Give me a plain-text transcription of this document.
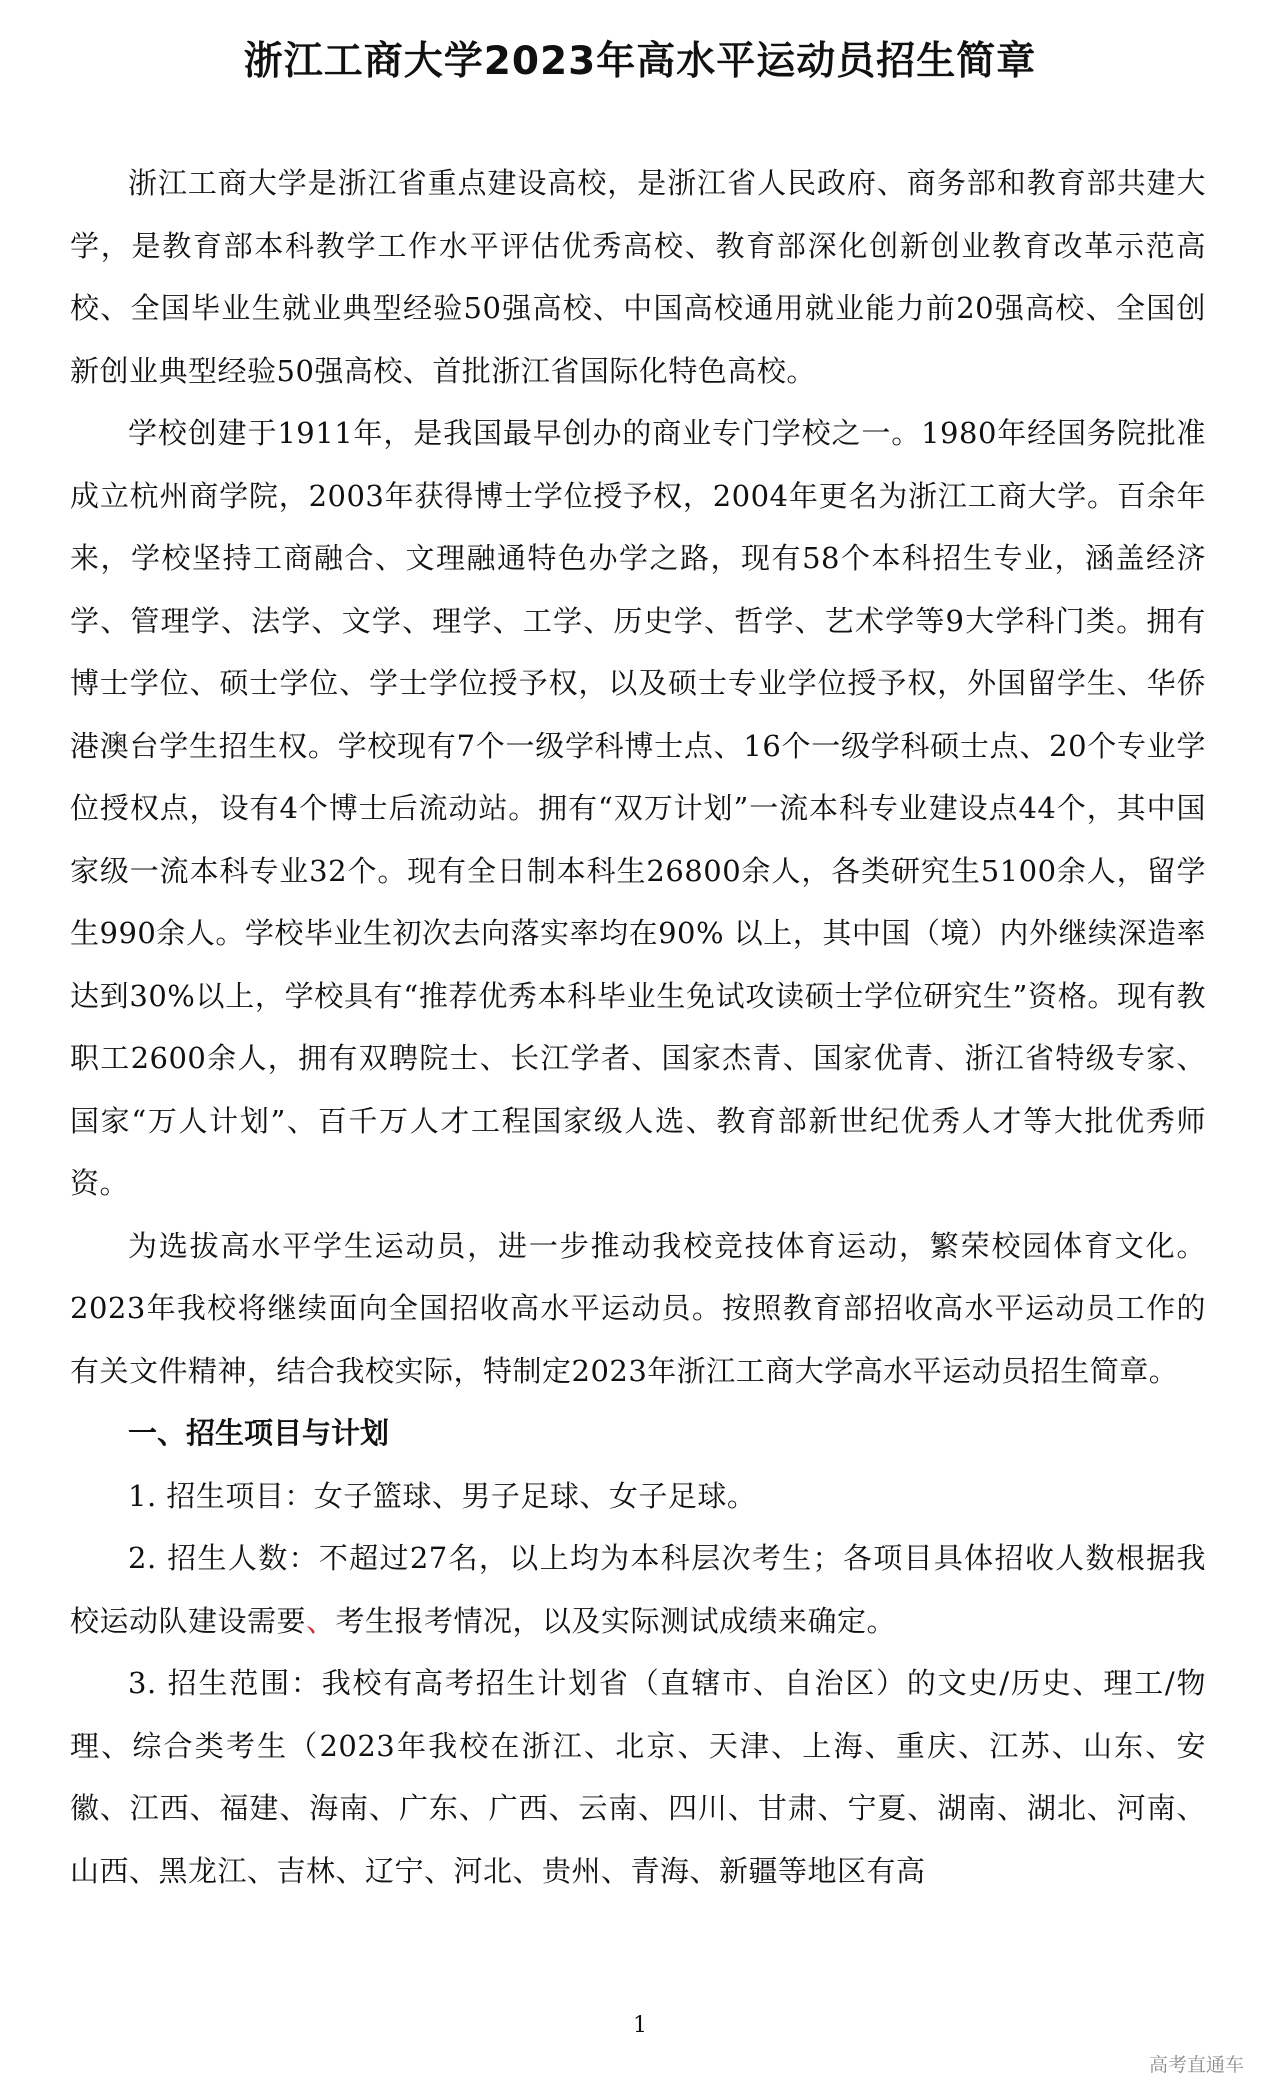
浙江工商大学2023年高水平运动员招生简章

浙江工商大学是浙江省重点建设高校，是浙江省人民政府、商务部和教育部共建大学，是教育部本科教学工作水平评估优秀高校、教育部深化创新创业教育改革示范高校、全国毕业生就业典型经验50强高校、中国高校通用就业能力前20强高校、全国创新创业典型经验50强高校、首批浙江省国际化特色高校。

学校创建于1911年，是我国最早创办的商业专门学校之一。1980年经国务院批准成立杭州商学院，2003年获得博士学位授予权，2004年更名为浙江工商大学。百余年来，学校坚持工商融合、文理融通特色办学之路，现有58个本科招生专业，涵盖经济学、管理学、法学、文学、理学、工学、历史学、哲学、艺术学等9大学科门类。拥有博士学位、硕士学位、学士学位授予权，以及硕士专业学位授予权，外国留学生、华侨港澳台学生招生权。学校现有7个一级学科博士点、16个一级学科硕士点、20个专业学位授权点，设有4个博士后流动站。拥有“双万计划”一流本科专业建设点44个，其中国家级一流本科专业32个。现有全日制本科生26800余人，各类研究生5100余人，留学生990余人。学校毕业生初次去向落实率均在90% 以上，其中国（境）内外继续深造率达到30%以上，学校具有“推荐优秀本科毕业生免试攻读硕士学位研究生”资格。现有教职工2600余人，拥有双聘院士、长江学者、国家杰青、国家优青、浙江省特级专家、国家“万人计划”、百千万人才工程国家级人选、教育部新世纪优秀人才等大批优秀师资。

为选拔高水平学生运动员，进一步推动我校竞技体育运动，繁荣校园体育文化。2023年我校将继续面向全国招收高水平运动员。按照教育部招收高水平运动员工作的有关文件精神，结合我校实际，特制定2023年浙江工商大学高水平运动员招生简章。

一、招生项目与计划

1. 招生项目：女子篮球、男子足球、女子足球。

2. 招生人数：不超过27名，以上均为本科层次考生；各项目具体招收人数根据我校运动队建设需要、考生报考情况，以及实际测试成绩来确定。

3. 招生范围：我校有高考招生计划省（直辖市、自治区）的文史/历史、理工/物理、综合类考生（2023年我校在浙江、北京、天津、上海、重庆、江苏、山东、安徽、江西、福建、海南、广东、广西、云南、四川、甘肃、宁夏、湖南、湖北、河南、山西、黑龙江、吉林、辽宁、河北、贵州、青海、新疆等地区有高

1
高考直通车
